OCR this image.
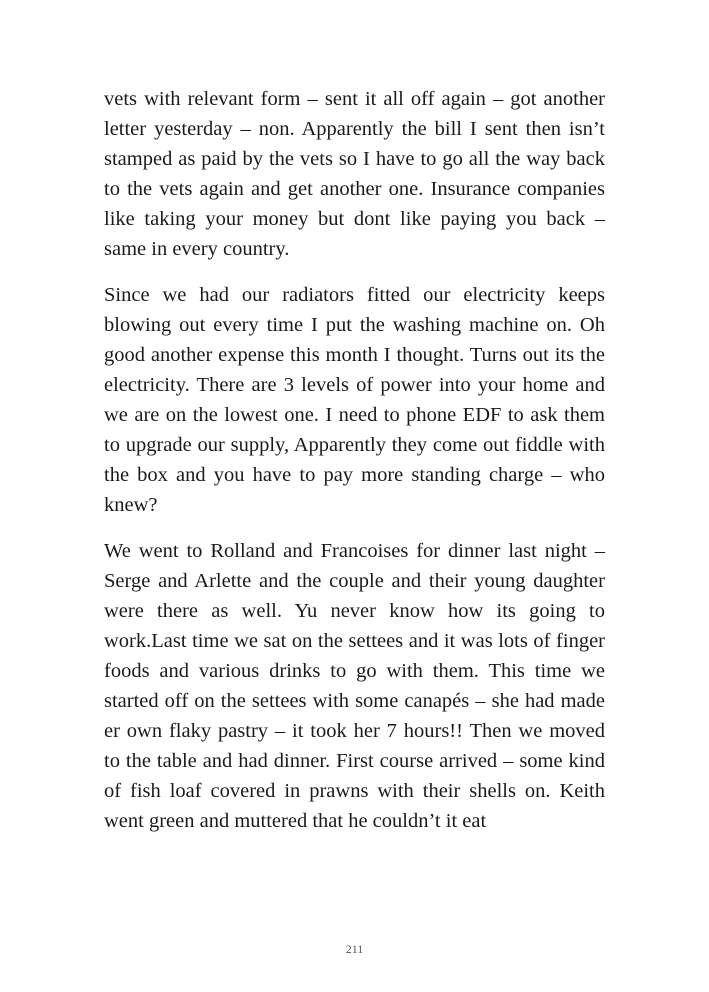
vets with relevant form – sent it all off again – got another letter yesterday – non. Apparently the bill I sent then isn’t stamped as paid by the vets so I have to go all the way back to the vets again and get another one. Insurance companies like taking your money but dont like paying you back – same in every country.

Since we had our radiators fitted our electricity keeps blowing out every time I put the washing machine on. Oh good another expense this month I thought. Turns out its the electricity. There are 3 levels of power into your home and we are on the lowest one. I need to phone EDF to ask them to upgrade our supply, Apparently they come out fiddle with the box and you have to pay more standing charge – who knew?

We went to Rolland and Francoises for dinner last night – Serge and Arlette and the couple and their young daughter were there as well. Yu never know how its going to work.Last time we sat on the settees and it was lots of finger foods and various drinks to go with them. This time we started off on the settees with some canapés – she had made er own flaky pastry – it took her 7 hours!! Then we moved to the table and had dinner. First course arrived – some kind of fish loaf covered in prawns with their shells on. Keith went green and muttered that he couldn’t it eat

211
